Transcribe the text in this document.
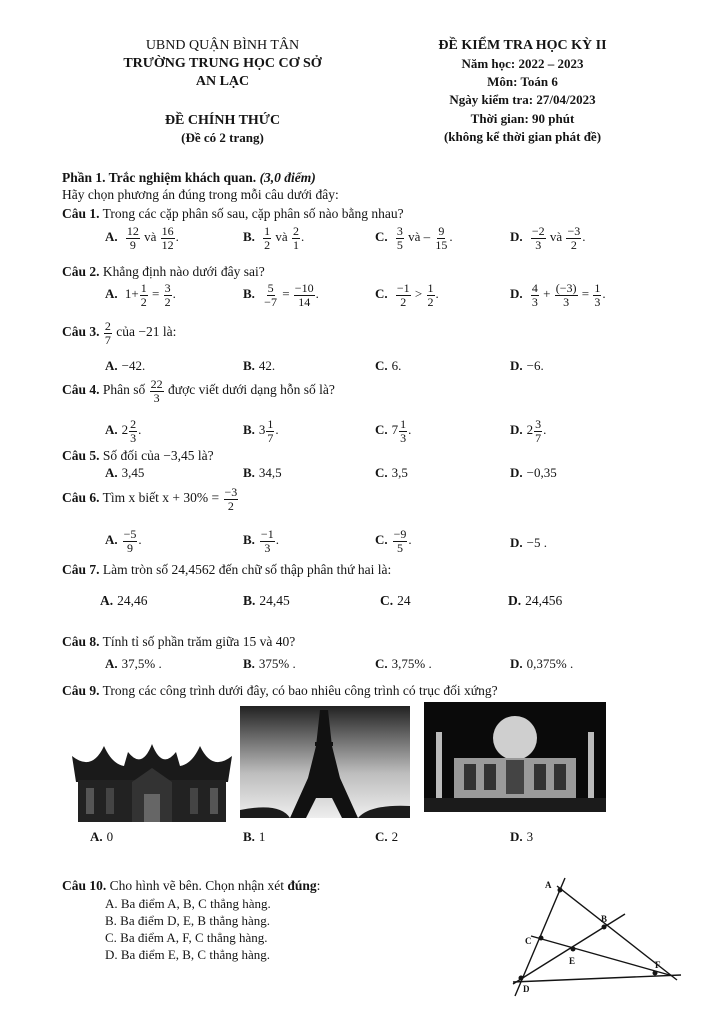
UBND QUẬN BÌNH TÂN
TRƯỜNG TRUNG HỌC CƠ SỞ
AN LẠC
ĐỀ CHÍNH THỨC
(Đề có 2 trang)
ĐỀ KIỂM TRA HỌC KỲ II
Năm học: 2022 – 2023
Môn: Toán 6
Ngày kiểm tra: 27/04/2023
Thời gian: 90 phút
(không kể thời gian phát đề)
Phần 1. Trắc nghiệm khách quan. (3,0 điểm)
Hãy chọn phương án đúng trong mỗi câu dưới đây:
Câu 1. Trong các cặp phân số sau, cặp phân số nào bằng nhau?
A. $\frac{12}{9}$ và $\frac{16}{12}$ .	B. $\frac{1}{2}$ và $\frac{2}{1}$ .	C. $\frac{3}{5}$ và – $\frac{9}{15}$ .	D. $\frac{-2}{3}$ và $\frac{-3}{2}$ .
Câu 2. Khẳng định nào dưới đây sai?
A. $1+ \frac{1}{2} = \frac{3}{2}$ .	B. $\frac{5}{-7} = \frac{-10}{14}$ .	C. $\frac{-1}{2} > \frac{1}{2}$ .	D. $\frac{4}{3} + \frac{(-3)}{3} = \frac{1}{3}$ .
Câu 3. $\frac{2}{7}$ của −21 là:
A. −42.	B. 42.	C. 6.	D. −6.
Câu 4. Phân số $\frac{22}{3}$ được viết dưới dạng hỗn số là?
A. $2 \frac{2}{3}$ .	B. $3 \frac{1}{7}$ .	C. $7 \frac{1}{3}$ .	D. $2 \frac{3}{7}$ .
Câu 5. Số đối của −3,45 là?
A. 3,45	B. 34,5	C. 3,5	D. −0,35
Câu 6. Tìm x biết $x + 30\% = \frac{-3}{2}$
A. $\frac{-5}{9}$ .	B. $\frac{-1}{3}$ .	C. $\frac{-9}{5}$ .	D. −5 .
Câu 7. Làm tròn số 24,4562 đến chữ số thập phân thứ hai là:
A. 24,46	B. 24,45	C. 24	D. 24,456
Câu 8. Tính tỉ số phần trăm giữa 15 và 40?
A. 37,5% .	B. 375% .	C. 3,75% .	D. 0,375% .
Câu 9. Trong các công trình dưới đây, có bao nhiêu công trình có trục đối xứng?
A. 0	B. 1	C. 2	D. 3
Câu 10. Cho hình vẽ bên. Chọn nhận xét đúng:
A. Ba điểm A, B, C thẳng hàng.
B. Ba điểm D, E, B thẳng hàng.
C. Ba điểm A, F, C thẳng hàng.
D. Ba điểm E, B, C thẳng hàng.
A
B
C
D
E	F
